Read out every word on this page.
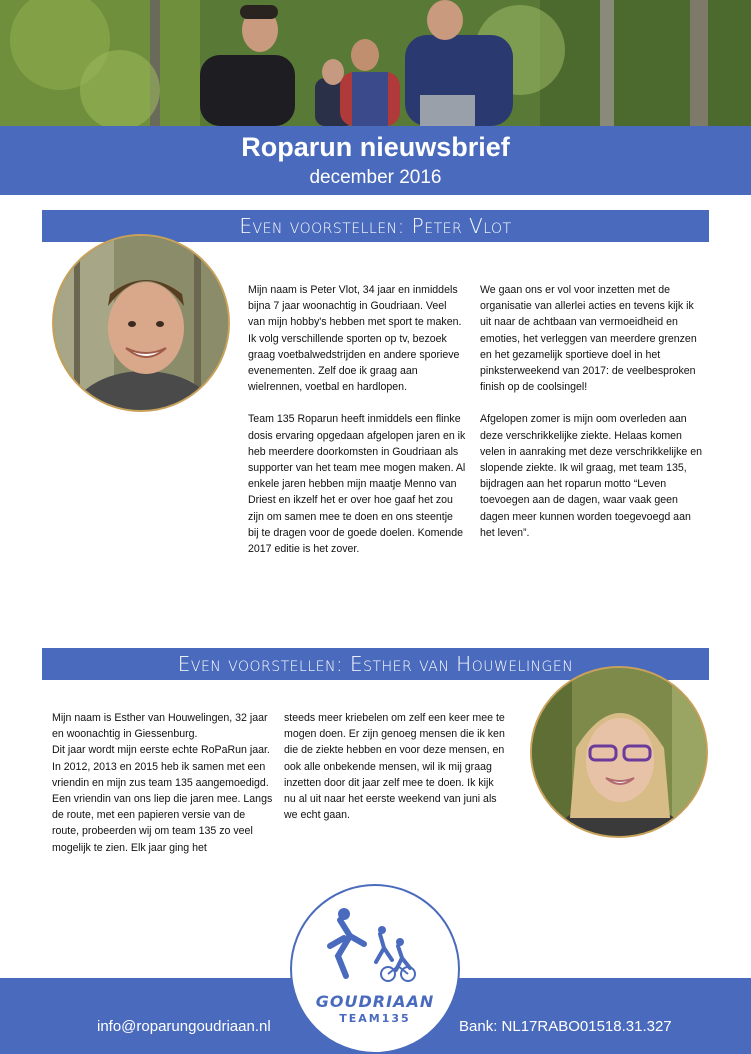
Roparun nieuwsbrief
december 2016
Even voorstellen: Peter Vlot

Mijn naam is Peter Vlot, 34 jaar en inmiddels bijna 7 jaar woonachtig in Goudriaan. Veel van mijn hobby's hebben met sport te maken. Ik volg verschillende sporten op tv, bezoek graag voetbalwedstrijden en andere sporieve evenementen. Zelf doe ik graag aan wielrennen, voetbal en hardlopen.

Team 135 Roparun heeft inmiddels een flinke dosis ervaring opgedaan afgelopen jaren en ik heb meerdere doorkomsten in Goudriaan als supporter van het team mee mogen maken. Al enkele jaren hebben mijn maatje Menno van Driest en ikzelf het er over hoe gaaf het zou zijn om samen mee te doen en ons steentje bij te dragen voor de goede doelen. Komende 2017 editie is het zover.

We gaan ons er vol voor inzetten met de organisatie van allerlei acties en tevens kijk ik uit naar de achtbaan van vermoeidheid en emoties, het verleggen van meerdere grenzen en het gezamelijk sportieve doel in het pinksterweekend van 2017: de veelbesproken finish op de coolsingel!

Afgelopen zomer is mijn oom overleden aan deze verschrikkelijke ziekte. Helaas komen velen in aanraking met deze verschrikkelijke en slopende ziekte. Ik wil graag, met team 135, bijdragen aan het roparun motto “Leven toevoegen aan de dagen, waar vaak geen dagen meer kunnen worden toegevoegd aan het leven”.

Even voorstellen: Esther van Houwelingen

Mijn naam is Esther van Houwelingen, 32 jaar en woonachtig in Giessenburg.
Dit jaar wordt mijn eerste echte RoPaRun jaar. In 2012, 2013 en 2015 heb ik samen met een vriendin en mijn zus team 135 aangemoedigd. Een vriendin van ons liep die jaren mee. Langs de route, met een papieren versie van de route, probeerden wij om team 135 zo veel mogelijk te zien. Elk jaar ging het

steeds meer kriebelen om zelf een keer mee te mogen doen. Er zijn genoeg mensen die ik ken die de ziekte hebben en voor deze mensen, en ook alle onbekende mensen, wil ik mij graag inzetten door dit jaar zelf mee te doen. Ik kijk nu al uit naar het eerste weekend van juni als we echt gaan.

info@roparungoudriaan.nl	Bank: NL17RABO01518.31.327
GOUDRIAAN
TEAM135
